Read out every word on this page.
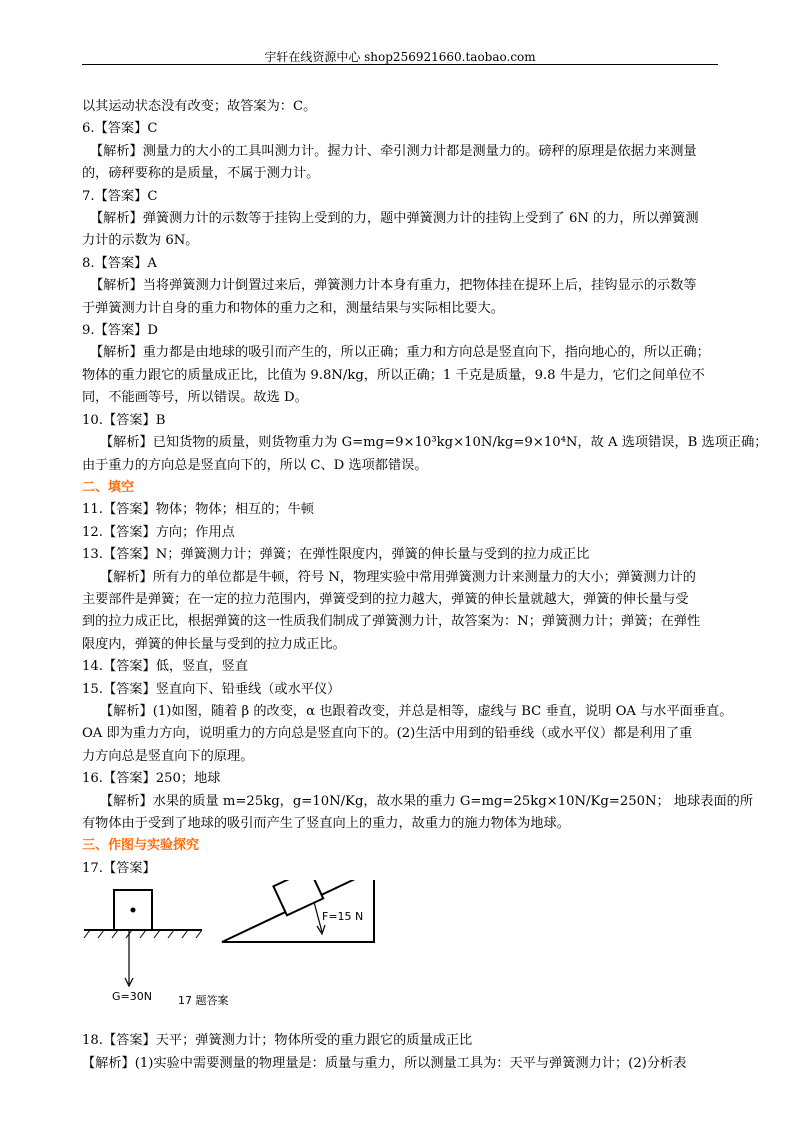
宇轩在线资源中心 shop256921660.taobao.com

以其运动状态没有改变；故答案为：C。

6.【答案】C

【解析】测量力的大小的工具叫测力计。握力计、牵引测力计都是测量力的。磅秤的原理是依据力来测量

的，磅秤要称的是质量，不属于测力计。

7.【答案】C

【解析】弹簧测力计的示数等于挂钩上受到的力，题中弹簧测力计的挂钩上受到了 6N 的力，所以弹簧测

力计的示数为 6N。

8.【答案】A

【解析】当将弹簧测力计倒置过来后，弹簧测力计本身有重力，把物体挂在提环上后，挂钩显示的示数等

于弹簧测力计自身的重力和物体的重力之和，测量结果与实际相比要大。

9.【答案】D

【解析】重力都是由地球的吸引而产生的，所以正确；重力和方向总是竖直向下，指向地心的，所以正确；

物体的重力跟它的质量成正比，比值为 9.8N/kg，所以正确；1 千克是质量，9.8 牛是力，它们之间单位不

同，不能画等号，所以错误。故选 D。

10.【答案】B

【解析】已知货物的质量，则货物重力为 G=mg=9×10³kg×10N/kg=9×10⁴N，故 A 选项错误，B 选项正确；

由于重力的方向总是竖直向下的，所以 C、D 选项都错误。

二、填空

11.【答案】物体；物体；相互的；牛顿

12.【答案】方向；作用点

13.【答案】N；弹簧测力计；弹簧；在弹性限度内，弹簧的伸长量与受到的拉力成正比

【解析】所有力的单位都是牛顿，符号 N，物理实验中常用弹簧测力计来测量力的大小；弹簧测力计的

主要部件是弹簧；在一定的拉力范围内，弹簧受到的拉力越大，弹簧的伸长量就越大，弹簧的伸长量与受

到的拉力成正比，根据弹簧的这一性质我们制成了弹簧测力计，故答案为：N；弹簧测力计；弹簧；在弹性

限度内，弹簧的伸长量与受到的拉力成正比。

14.【答案】低，竖直，竖直

15.【答案】竖直向下、铅垂线（或水平仪）

【解析】(1)如图，随着 β 的改变，α 也跟着改变，并总是相等，虚线与 BC 垂直，说明 OA 与水平面垂直。

OA 即为重力方向，说明重力的方向总是竖直向下的。(2)生活中用到的铅垂线（或水平仪）都是利用了重

力方向总是竖直向下的原理。

16.【答案】250；地球

【解析】水果的质量 m=25kg，g=10N/Kg，故水果的重力 G=mg=25kg×10N/Kg=250N； 地球表面的所

有物体由于受到了地球的吸引而产生了竖直向上的重力，故重力的施力物体为地球。

三、作图与实验探究

17.【答案】

G=30N
F=15 N
17 题答案

18.【答案】天平；弹簧测力计；物体所受的重力跟它的质量成正比

【解析】(1)实验中需要测量的物理量是：质量与重力，所以测量工具为：天平与弹簧测力计；(2)分析表
